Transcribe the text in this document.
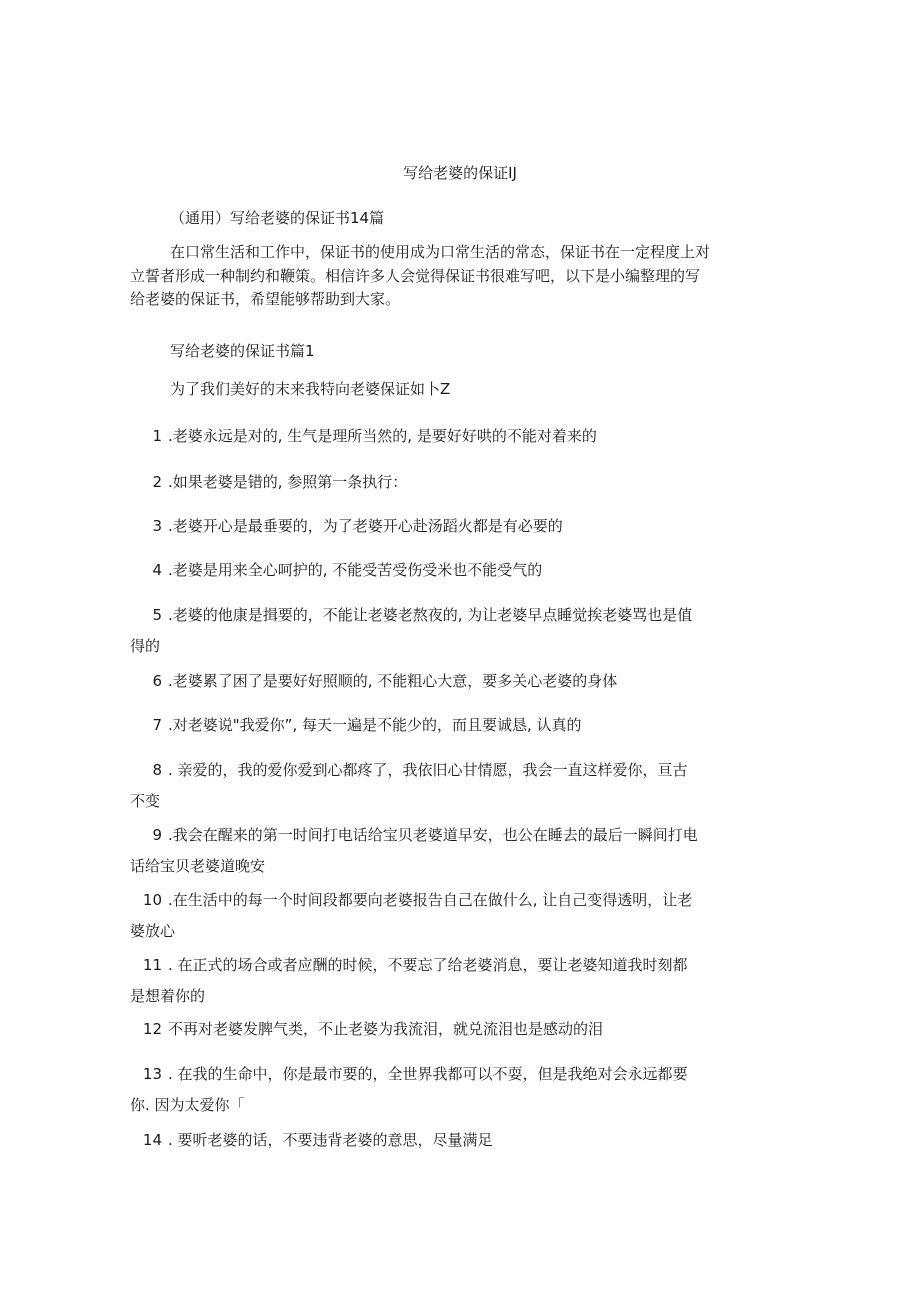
写给老婆的保证IJ
（通用）写给老婆的保证书14篇
在口常生活和工作中，保证书的使用成为口常生活的常态，保证书在一定程度上对
立誓者形成一种制约和鞭策。相信许多人会觉得保证书很难写吧，以下是小编整理的写
给老婆的保证书，希望能够帮助到大家。
写给老婆的保证书篇1
为了我们美好的末来我特向老婆保证如卜Z
1 .老婆永远是对的, 生气是理所当然的, 是要好好哄的不能对着来的
2 .如果老婆是错的, 参照第一条执行：
3 .老婆开心是最垂要的，为了老婆开心赴汤蹈火都是有必要的
4 .老婆是用来全心呵护的, 不能受苦受伤受米也不能受气的
5 .老婆的他康是揖要的，不能让老婆老熬夜的, 为让老婆早点睡觉挨老婆骂也是值
得的
6 .老婆累了困了是要好好照顺的, 不能粗心大意，要多关心老婆的身体
7 .对老婆说"我爱你”, 每天一遍是不能少的，而且要诚恳, 认真的
8 . 亲爱的，我的爱你爱到心都疼了，我依旧心甘情愿，我会一直这样爱你，亘古
不变
9 .我会在醒来的第一时间打电话给宝贝老婆道早安，也公在睡去的最后一瞬间打电
话给宝贝老婆道晚安
10 .在生活中的每一个时间段都要向老婆报告自己在做什么, 让自己变得透明，让老
婆放心
11 . 在正式的场合或者应酬的时候，不要忘了给老婆消息，要让老婆知道我时刻都
是想着你的
12 不再对老婆发脾气类，不止老婆为我流泪，就兑流泪也是感动的泪
13 . 在我的生命中，你是最市要的，全世界我都可以不耍，但是我绝对会永远都要
你. 因为太爱你「
14 . 要听老婆的话，不要违背老婆的意思，尽量满足
